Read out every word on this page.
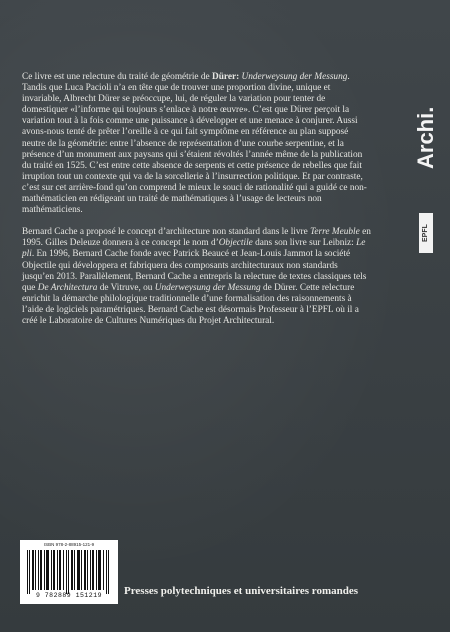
Ce livre est une relecture du traité de géométrie de Dürer: Underweysung der Messung. Tandis que Luca Pacioli n’a en tête que de trouver une proportion divine, unique et invariable, Albrecht Dürer se préoccupe, lui, de réguler la variation pour tenter de domestiquer «l’informe qui toujours s’enlace à notre œuvre». C’est que Dürer perçoit la variation tout à la fois comme une puissance à développer et une menace à conjurer. Aussi avons-nous tenté de prêter l’oreille à ce qui fait symptôme en référence au plan supposé neutre de la géométrie: entre l’absence de représentation d’une courbe serpentine, et la présence d’un monument aux paysans qui s’étaient révoltés l’année même de la publication du traité en 1525. C’est entre cette absence de serpents et cette présence de rebelles que fait irruption tout un contexte qui va de la sorcellerie à l’insurrection politique. Et par contraste, c’est sur cet arrière-fond qu’on comprend le mieux le souci de rationalité qui a guidé ce non-mathématicien en rédigeant un traité de mathématiques à l’usage de lecteurs non mathématiciens.

Bernard Cache a proposé le concept d’architecture non standard dans le livre Terre Meuble en 1995. Gilles Deleuze donnera à ce concept le nom d’Objectile dans son livre sur Leibniz: Le pli. En 1996, Bernard Cache fonde avec Patrick Beaucé et Jean-Louis Jammot la société Objectile qui développera et fabriquera des composants architecturaux non standards jusqu’en 2013. Parallèlement, Bernard Cache a entrepris la relecture de textes classiques tels que De Architectura de Vitruve, ou Underweysung der Messung de Dürer. Cette relecture enrichit la démarche philologique traditionnelle d’une formalisation des raisonnements à l’aide de logiciels paramétriques. Bernard Cache est désormais Professeur à l’EPFL où il a créé le Laboratoire de Cultures Numériques du Projet Architectural.

Archi.
EPFL
ISBN 978-2-88915-121-9
9 782889 151219	Presses polytechniques et universitaires romandes
